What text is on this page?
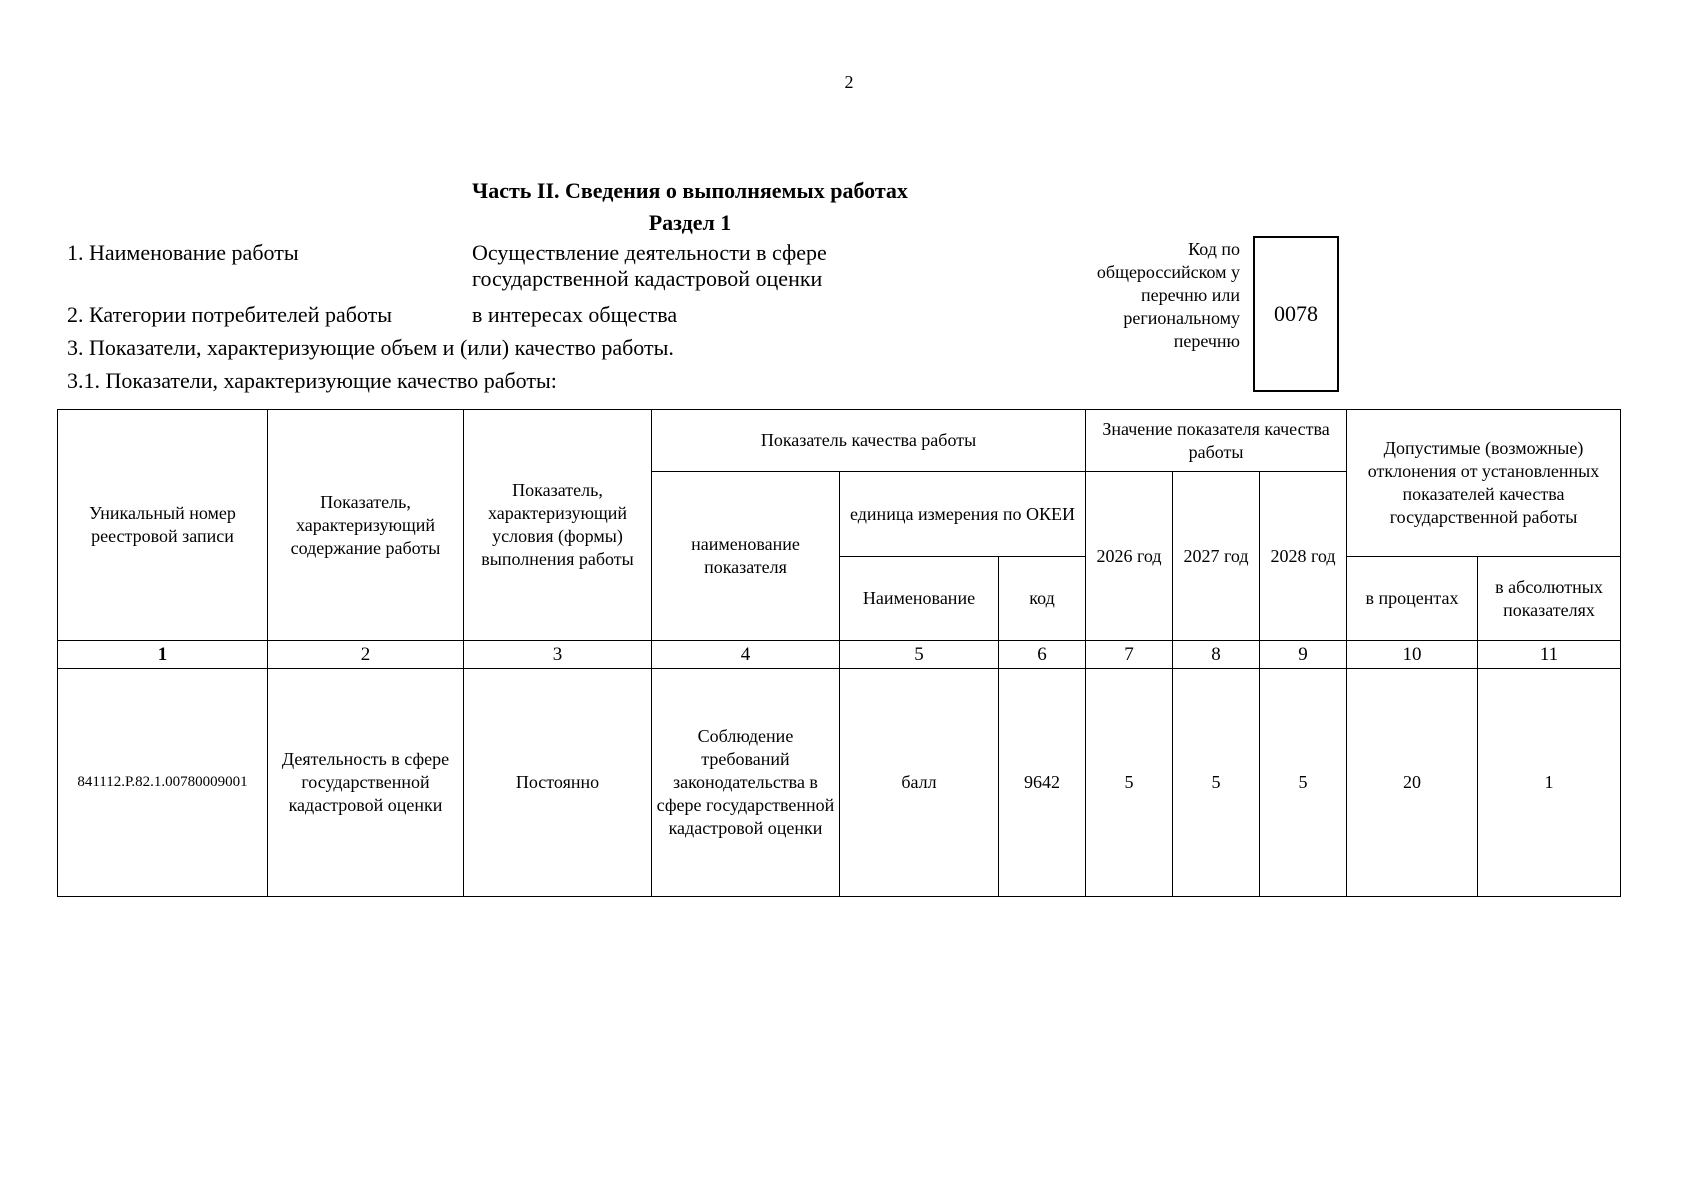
2
Часть II. Сведения о выполняемых работах
Раздел 1
1. Наименование работы	Осуществление деятельности в сфере государственной кадастровой оценки
2. Категории потребителей работы	в интересах общества
3. Показатели, характеризующие объем и (или) качество работы.
3.1. Показатели, характеризующие качество работы:
Код по общероссийском у перечню или региональному перечню
0078
Уникальный номер реестровой записи	Показатель, характеризующий содержание работы	Показатель, характеризующий условия (формы) выполнения работы	Показатель качества работы			Значение показателя качества работы			Допустимые (возможные) отклонения от установленных показателей качества государственной работы	
			наименование показателя	единица измерения по ОКЕИ		2026 год	2027 год	2028 год		
				Наименование	код				в процентах	в абсолютных показателях
1	2	3	4	5	6	7	8	9	10	11
841112.Р.82.1.00780009001	Деятельность в сфере государственной кадастровой оценки	Постоянно	Соблюдение требований законодательства в сфере государственной кадастровой оценки	балл	9642	5	5	5	20	1
